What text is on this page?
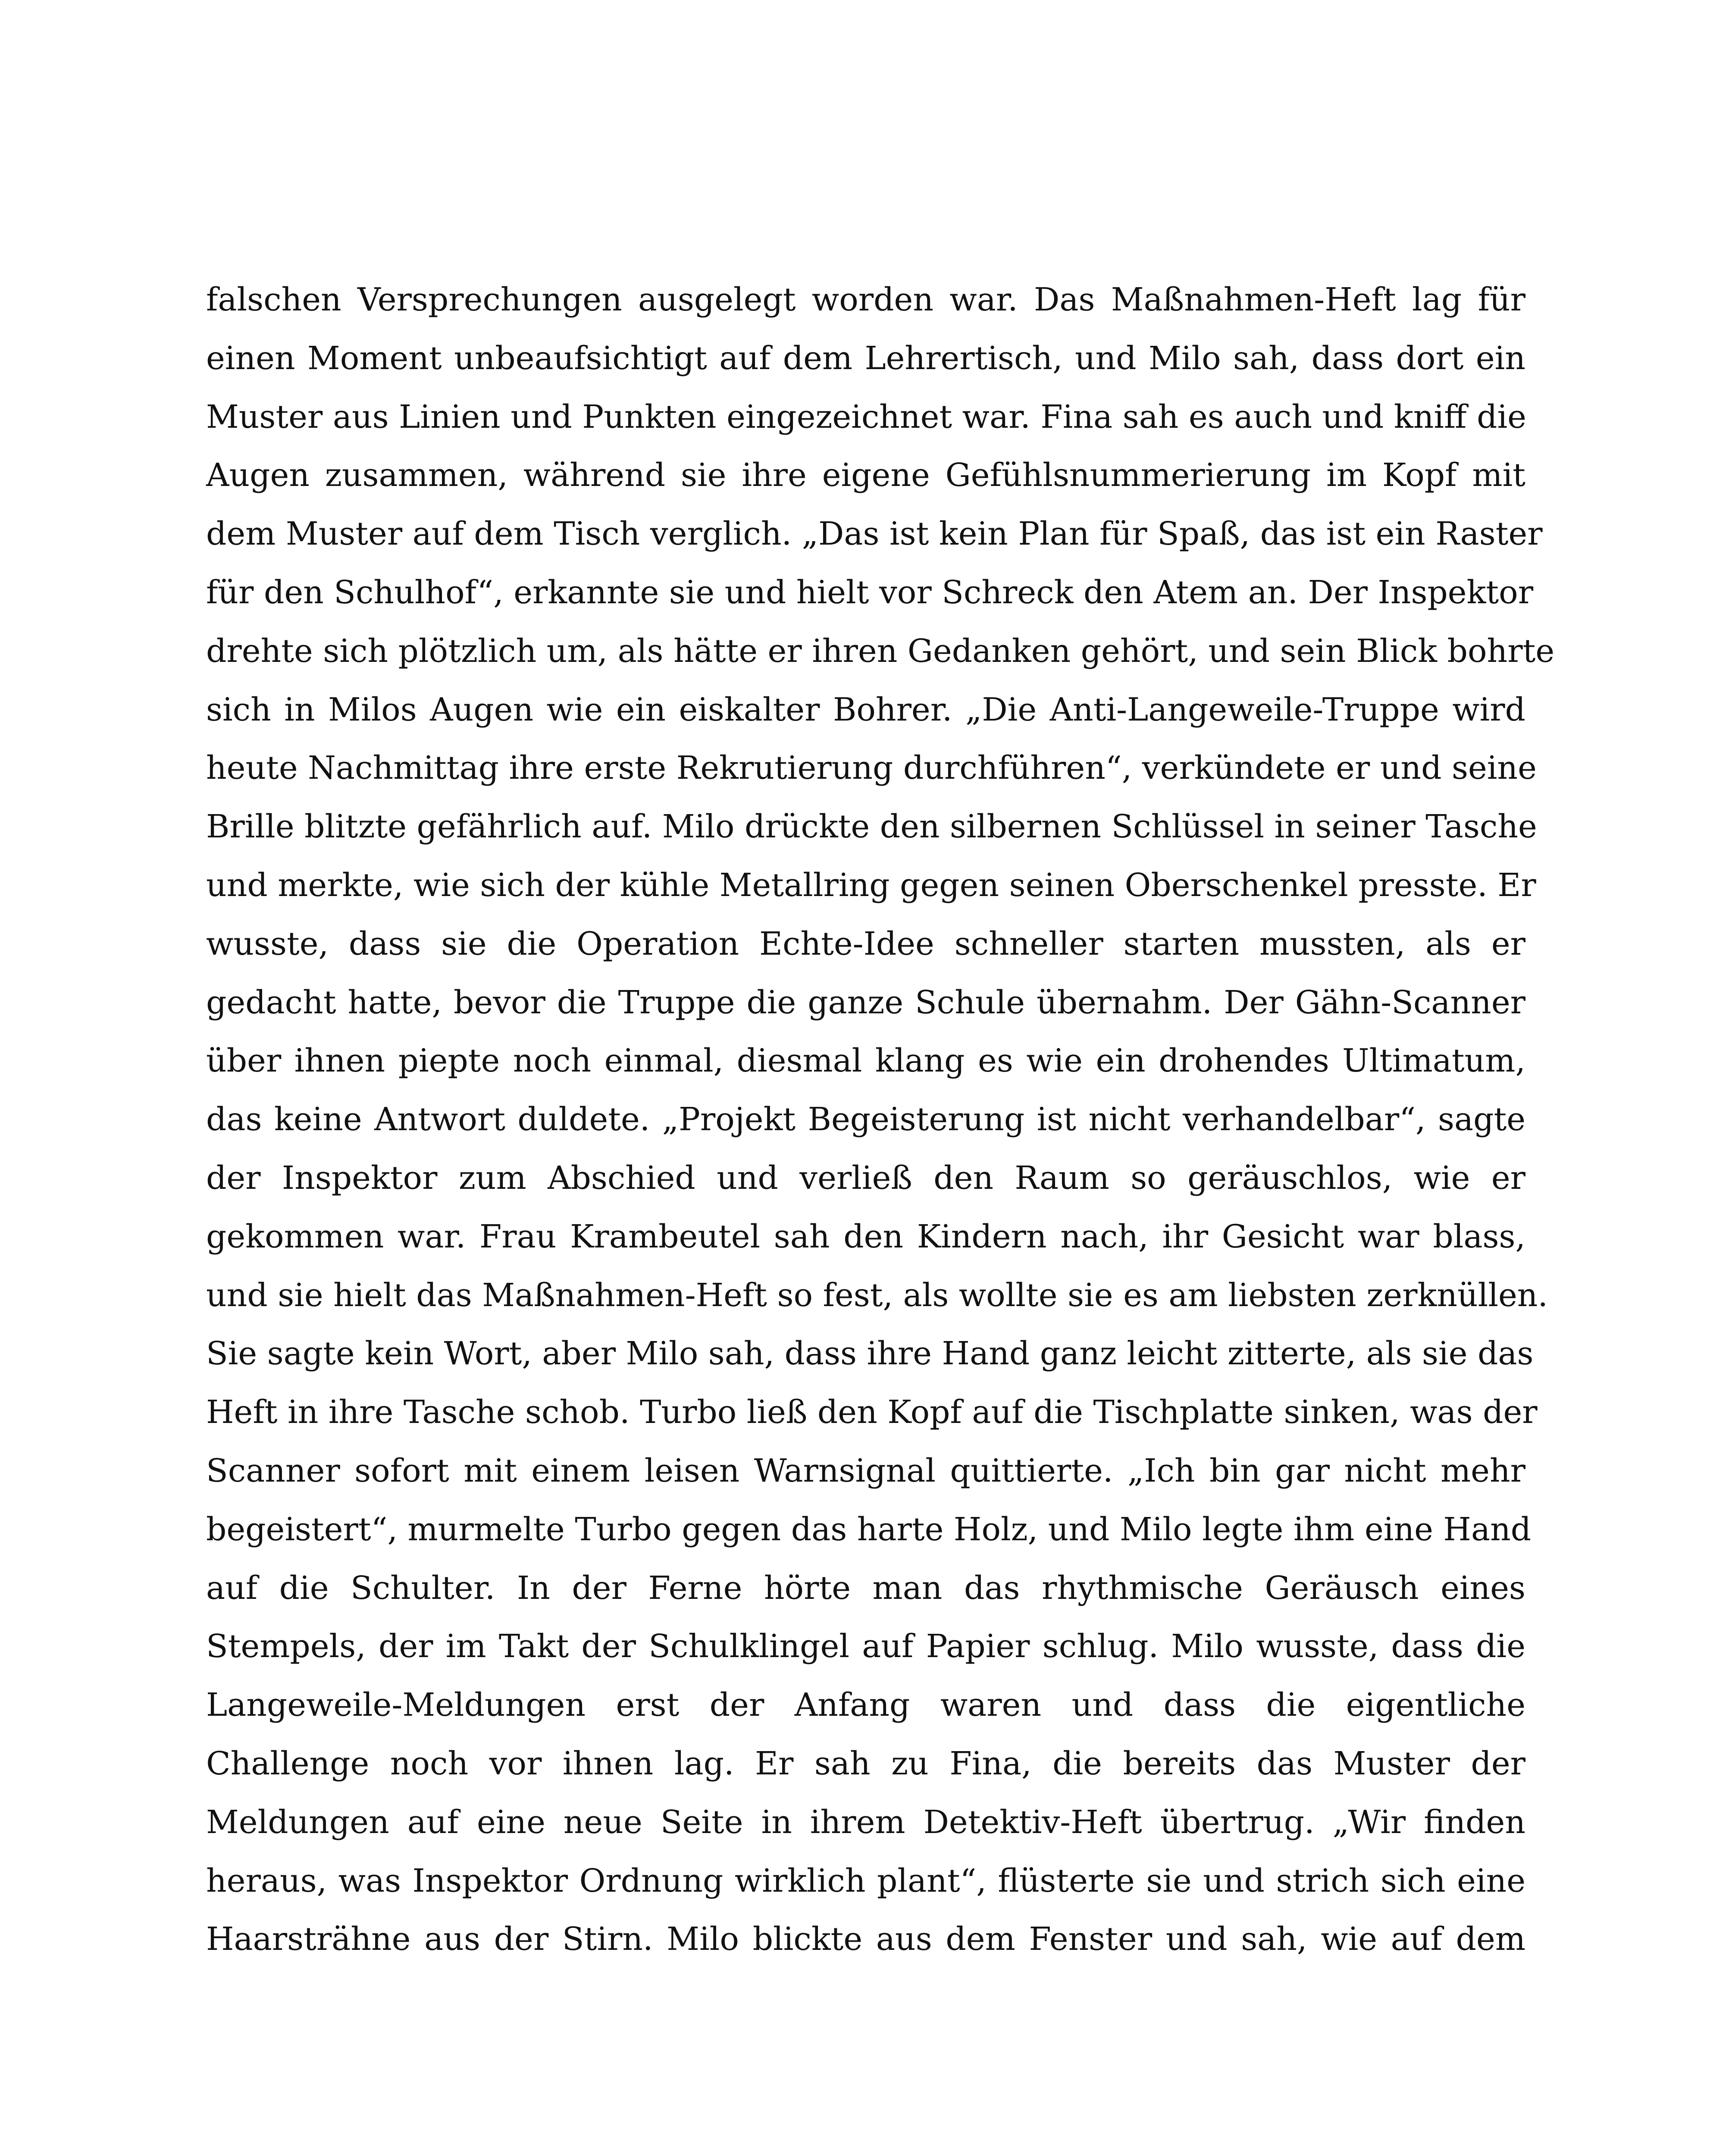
falschen Versprechungen ausgelegt worden war. Das Maßnahmen-Heft lag für
einen Moment unbeaufsichtigt auf dem Lehrertisch, und Milo sah, dass dort ein
Muster aus Linien und Punkten eingezeichnet war. Fina sah es auch und kniff die
Augen zusammen, während sie ihre eigene Gefühlsnummerierung im Kopf mit
dem Muster auf dem Tisch verglich. „Das ist kein Plan für Spaß, das ist ein Raster
für den Schulhof“, erkannte sie und hielt vor Schreck den Atem an. Der Inspektor
drehte sich plötzlich um, als hätte er ihren Gedanken gehört, und sein Blick bohrte
sich in Milos Augen wie ein eiskalter Bohrer. „Die Anti-Langeweile-Truppe wird
heute Nachmittag ihre erste Rekrutierung durchführen“, verkündete er und seine
Brille blitzte gefährlich auf. Milo drückte den silbernen Schlüssel in seiner Tasche
und merkte, wie sich der kühle Metallring gegen seinen Oberschenkel presste. Er
wusste, dass sie die Operation Echte-Idee schneller starten mussten, als er
gedacht hatte, bevor die Truppe die ganze Schule übernahm. Der Gähn-Scanner
über ihnen piepte noch einmal, diesmal klang es wie ein drohendes Ultimatum,
das keine Antwort duldete. „Projekt Begeisterung ist nicht verhandelbar“, sagte
der Inspektor zum Abschied und verließ den Raum so geräuschlos, wie er
gekommen war. Frau Krambeutel sah den Kindern nach, ihr Gesicht war blass,
und sie hielt das Maßnahmen-Heft so fest, als wollte sie es am liebsten zerknüllen.
Sie sagte kein Wort, aber Milo sah, dass ihre Hand ganz leicht zitterte, als sie das
Heft in ihre Tasche schob. Turbo ließ den Kopf auf die Tischplatte sinken, was der
Scanner sofort mit einem leisen Warnsignal quittierte. „Ich bin gar nicht mehr
begeistert“, murmelte Turbo gegen das harte Holz, und Milo legte ihm eine Hand
auf die Schulter. In der Ferne hörte man das rhythmische Geräusch eines
Stempels, der im Takt der Schulklingel auf Papier schlug. Milo wusste, dass die
Langeweile-Meldungen erst der Anfang waren und dass die eigentliche
Challenge noch vor ihnen lag. Er sah zu Fina, die bereits das Muster der
Meldungen auf eine neue Seite in ihrem Detektiv-Heft übertrug. „Wir finden
heraus, was Inspektor Ordnung wirklich plant“, flüsterte sie und strich sich eine
Haarsträhne aus der Stirn. Milo blickte aus dem Fenster und sah, wie auf dem
